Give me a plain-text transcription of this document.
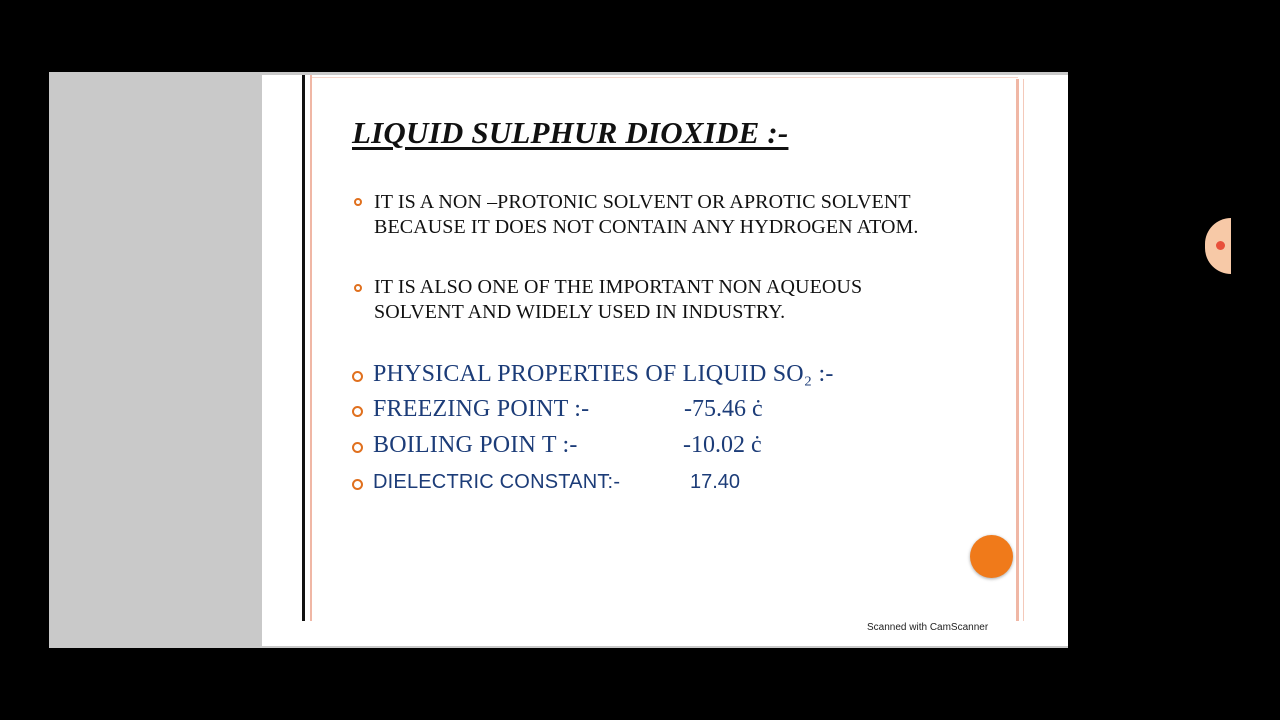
LIQUID SULPHUR DIOXIDE :-
IT IS A NON –PROTONIC SOLVENT OR APROTIC SOLVENT
BECAUSE IT DOES NOT CONTAIN ANY HYDROGEN ATOM.
IT IS ALSO ONE OF THE IMPORTANT NON AQUEOUS
SOLVENT AND WIDELY USED IN INDUSTRY.
PHYSICAL PROPERTIES OF LIQUID SO₂ :-
FREEZING POINT :-	-75.46 ċ
BOILING POIN T :-	-10.02 ċ
DIELECTRIC CONSTANT:-	17.40
Scanned with CamScanner
